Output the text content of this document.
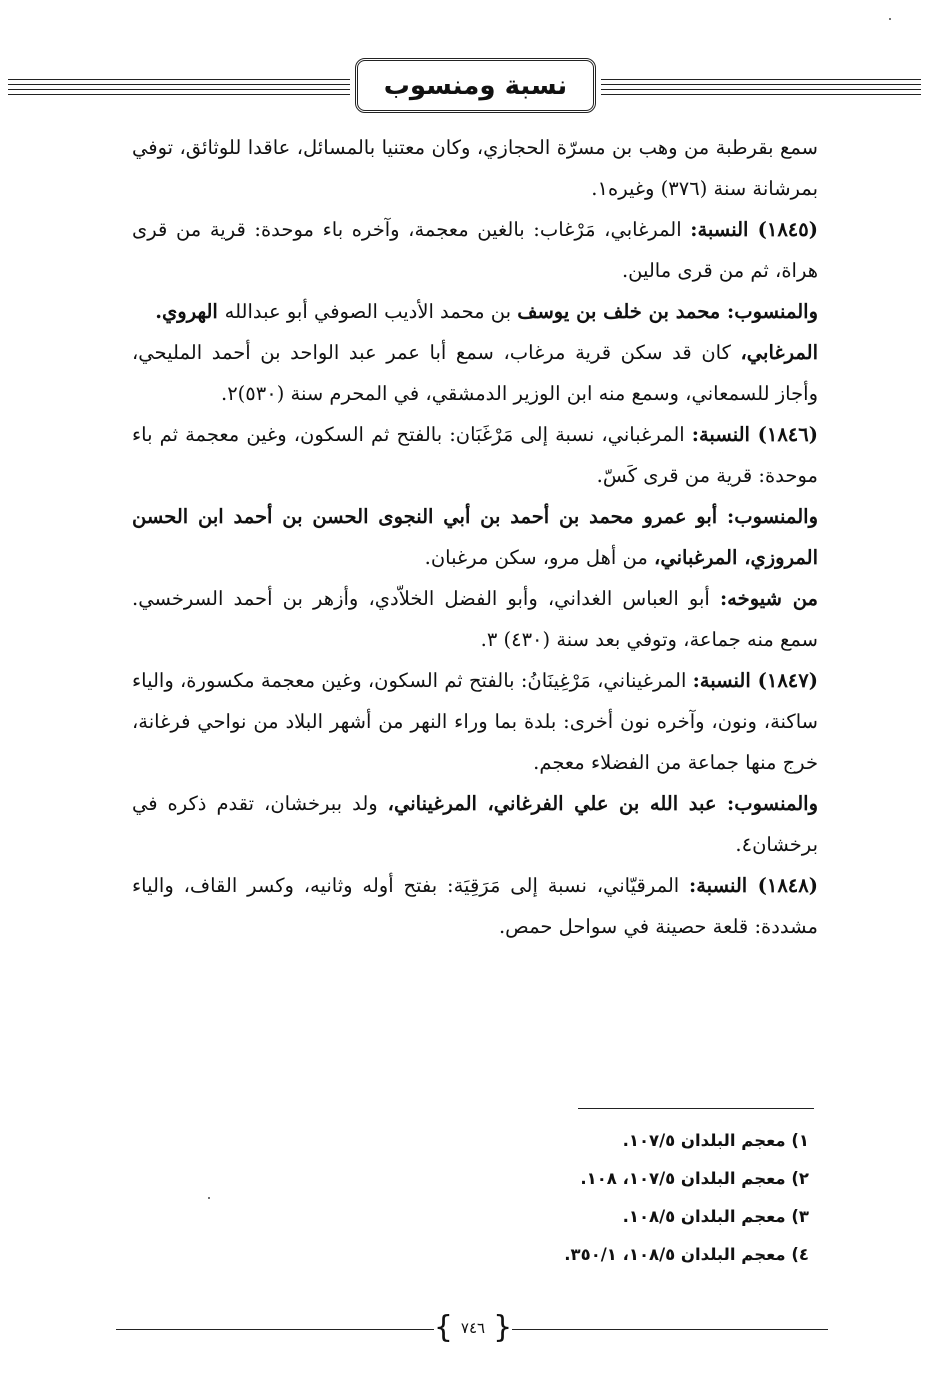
نسبة ومنسوب

سمع بقرطبة من وهب بن مسرّة الحجازي، وكان معتنيا بالمسائل، عاقدا للوثائق، توفي بمرشانة سنة (٣٧٦) وغيره١.

(١٨٤٥) النسبة: المرغابي، مَرْغاب: بالغين معجمة، وآخره باء موحدة: قرية من قرى هراة، ثم من قرى مالين.

والمنسوب: محمد بن خلف بن يوسف بن محمد الأديب الصوفي أبو عبدالله الهروي.

المرغابي، كان قد سكن قرية مرغاب، سمع أبا عمر عبد الواحد بن أحمد المليحي، وأجاز للسمعاني، وسمع منه ابن الوزير الدمشقي، في المحرم سنة (٥٣٠)٢.

(١٨٤٦) النسبة: المرغباني، نسبة إلى مَرْغَبَان: بالفتح ثم السكون، وغين معجمة ثم باء موحدة: قرية من قرى كَسّ.

والمنسوب: أبو عمرو محمد بن أحمد بن أبي النجوى الحسن بن أحمد ابن الحسن المروزي، المرغباني، من أهل مرو، سكن مرغبان.

من شيوخه: أبو العباس الغداني، وأبو الفضل الخلاّدي، وأزهر بن أحمد السرخسي. سمع منه جماعة، وتوفي بعد سنة (٤٣٠) ٣.

(١٨٤٧) النسبة: المرغيناني، مَرْغِينَانُ: بالفتح ثم السكون، وغين معجمة مكسورة، والياء ساكنة، ونون، وآخره نون أخرى: بلدة بما وراء النهر من أشهر البلاد من نواحي فرغانة، خرج منها جماعة من الفضلاء معجم.

والمنسوب: عبد الله بن علي الفرغاني، المرغيناني، ولد ببرخشان، تقدم ذكره في برخشان٤.

(١٨٤٨) النسبة: المرقيّاني، نسبة إلى مَرَقِيَة: بفتح أوله وثانيه، وكسر القاف، والياء مشددة: قلعة حصينة في سواحل حمص.

١) معجم البلدان ١٠٧/٥.
٢) معجم البلدان ١٠٧/٥، ١٠٨.
٣) معجم البلدان ١٠٨/٥.
٤) معجم البلدان ١٠٨/٥، ٣٥٠/١.
{ ٧٤٦ }
